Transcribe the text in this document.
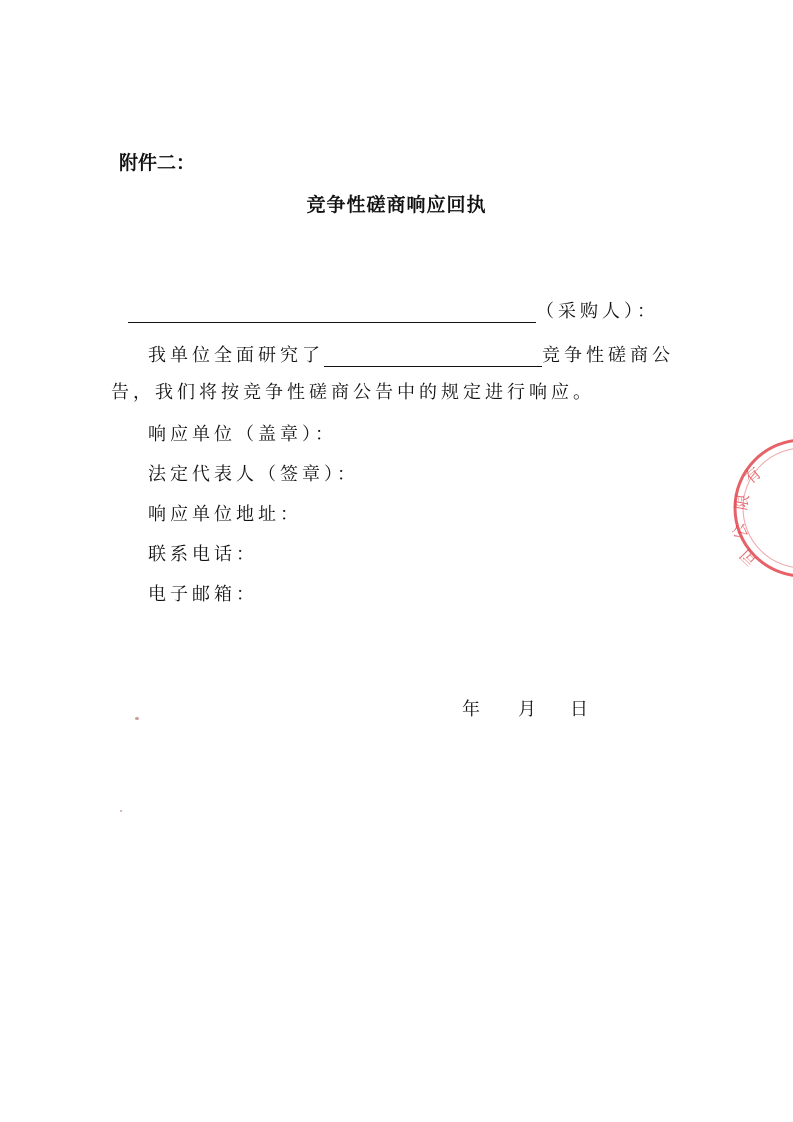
附件二：
竞争性磋商响应回执
（采购人）：
我单位全面研究了	竞争性磋商公
告，我们将按竞争性磋商公告中的规定进行响应。
响应单位（盖章）：
法定代表人（签章）：
响应单位地址：
联系电话：
电子邮箱：
年 月 日
有
限
公
司
